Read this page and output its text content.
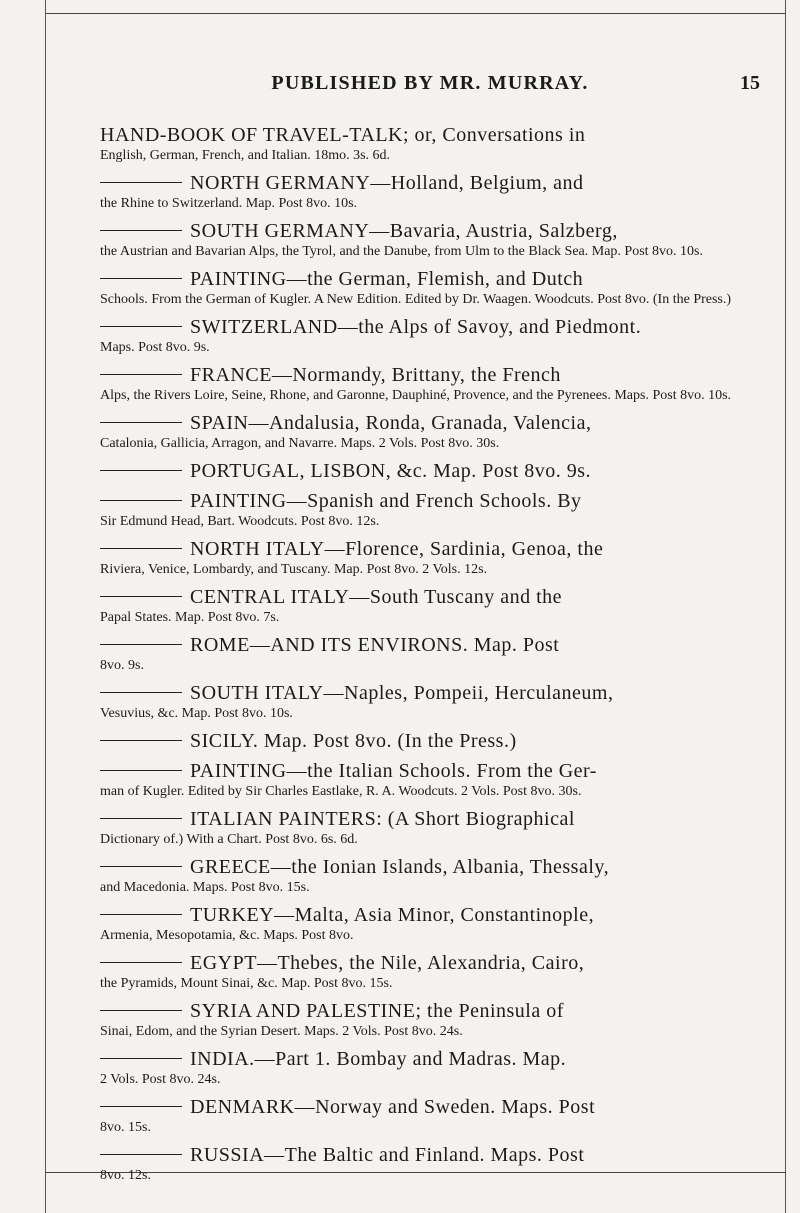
PUBLISHED BY MR. MURRAY.	15
HAND-BOOK OF TRAVEL-TALK; or, Conversations in
English, German, French, and Italian. 18mo. 3s. 6d.
NORTH GERMANY—Holland, Belgium, and
the Rhine to Switzerland. Map. Post 8vo. 10s.
SOUTH GERMANY—Bavaria, Austria, Salzberg,
the Austrian and Bavarian Alps, the Tyrol, and the Danube, from Ulm to the Black Sea. Map. Post 8vo. 10s.
PAINTING—the German, Flemish, and Dutch
Schools. From the German of Kugler. A New Edition. Edited by Dr. Waagen. Woodcuts. Post 8vo. (In the Press.)
SWITZERLAND—the Alps of Savoy, and Piedmont.
Maps. Post 8vo. 9s.
FRANCE—Normandy, Brittany, the French
Alps, the Rivers Loire, Seine, Rhone, and Garonne, Dauphiné, Provence, and the Pyrenees. Maps. Post 8vo. 10s.
SPAIN—Andalusia, Ronda, Granada, Valencia,
Catalonia, Gallicia, Arragon, and Navarre. Maps. 2 Vols. Post 8vo. 30s.
PORTUGAL, LISBON, &c. Map. Post 8vo. 9s.
PAINTING—Spanish and French Schools. By
Sir Edmund Head, Bart. Woodcuts. Post 8vo. 12s.
NORTH ITALY—Florence, Sardinia, Genoa, the
Riviera, Venice, Lombardy, and Tuscany. Map. Post 8vo. 2 Vols. 12s.
CENTRAL ITALY—South Tuscany and the
Papal States. Map. Post 8vo. 7s.
ROME—AND ITS ENVIRONS. Map. Post
8vo. 9s.
SOUTH ITALY—Naples, Pompeii, Herculaneum,
Vesuvius, &c. Map. Post 8vo. 10s.
SICILY. Map. Post 8vo. (In the Press.)
PAINTING—the Italian Schools. From the Ger-
man of Kugler. Edited by Sir Charles Eastlake, R. A. Woodcuts. 2 Vols. Post 8vo. 30s.
ITALIAN PAINTERS: (A Short Biographical
Dictionary of.) With a Chart. Post 8vo. 6s. 6d.
GREECE—the Ionian Islands, Albania, Thessaly,
and Macedonia. Maps. Post 8vo. 15s.
TURKEY—Malta, Asia Minor, Constantinople,
Armenia, Mesopotamia, &c. Maps. Post 8vo.
EGYPT—Thebes, the Nile, Alexandria, Cairo,
the Pyramids, Mount Sinai, &c. Map. Post 8vo. 15s.
SYRIA AND PALESTINE; the Peninsula of
Sinai, Edom, and the Syrian Desert. Maps. 2 Vols. Post 8vo. 24s.
INDIA.—Part 1. Bombay and Madras. Map.
2 Vols. Post 8vo. 24s.
DENMARK—Norway and Sweden. Maps. Post
8vo. 15s.
RUSSIA—The Baltic and Finland. Maps. Post
8vo. 12s.
